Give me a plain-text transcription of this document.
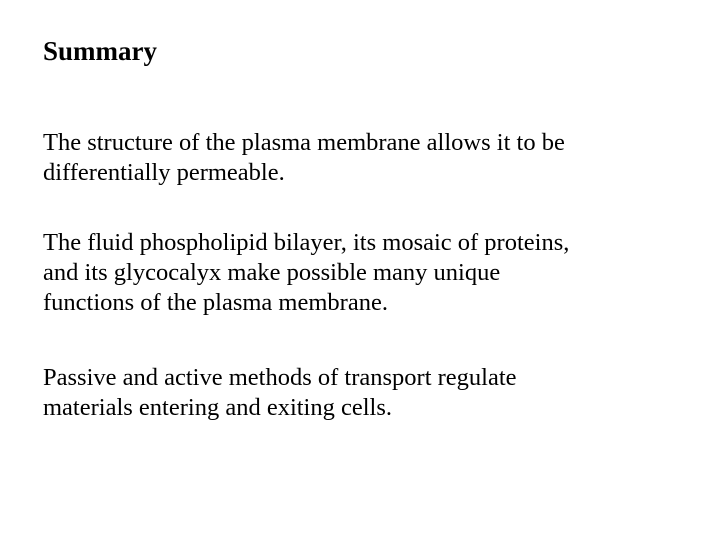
Summary

The structure of the plasma membrane allows it to be
differentially permeable.

The fluid phospholipid bilayer, its mosaic of proteins,
and its glycocalyx make possible many unique
functions of the plasma membrane.

Passive and active methods of transport regulate
materials entering and exiting cells.
